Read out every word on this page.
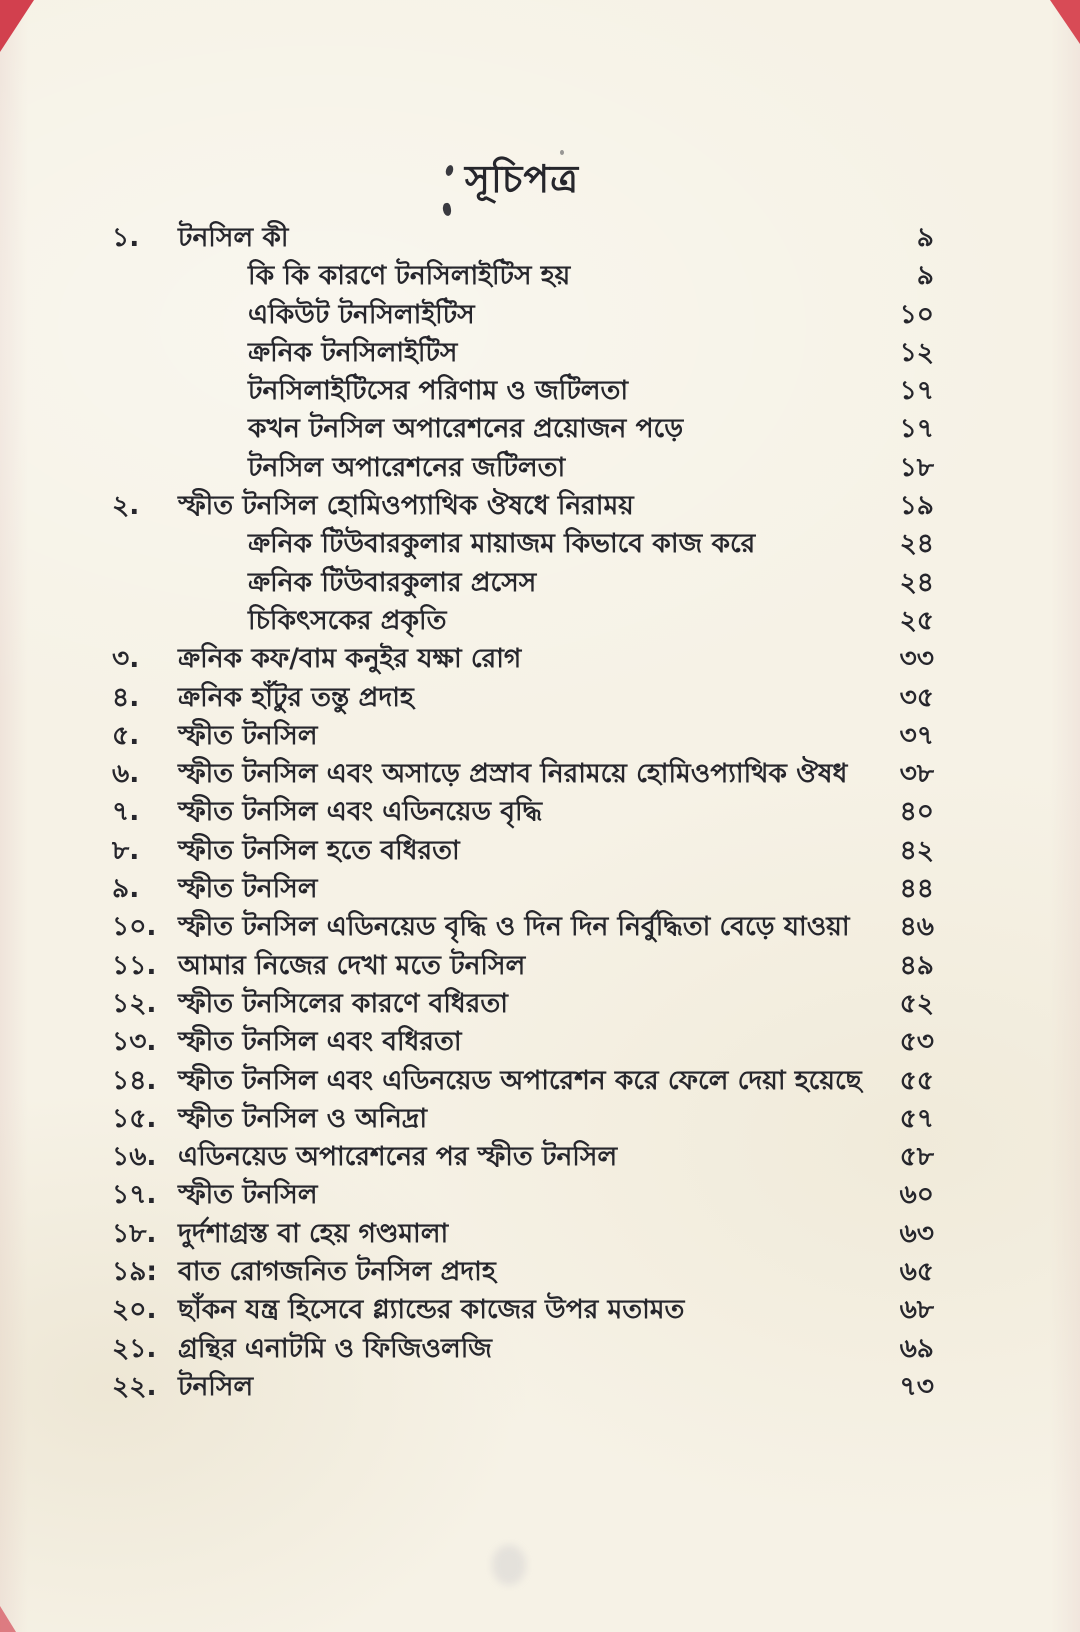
সূচিপত্র
১.	টনসিল কী	৯
কি কি কারণে টনসিলাইটিস হয়	৯
একিউট টনসিলাইটিস	১০
ক্রনিক টনসিলাইটিস	১২
টনসিলাইটিসের পরিণাম ও জটিলতা	১৭
কখন টনসিল অপারেশনের প্রয়োজন পড়ে	১৭
টনসিল অপারেশনের জটিলতা	১৮
২.	স্ফীত টনসিল হোমিওপ্যাথিক ঔষধে নিরাময়	১৯
ক্রনিক টিউবারকুলার মায়াজম কিভাবে কাজ করে	২৪
ক্রনিক টিউবারকুলার প্রসেস	২৪
চিকিৎসকের প্রকৃতি	২৫
৩.	ক্রনিক কফ/বাম কনুইর যক্ষা রোগ	৩৩
৪.	ক্রনিক হাঁটুর তন্তু প্রদাহ	৩৫
৫.	স্ফীত টনসিল	৩৭
৬.	স্ফীত টনসিল এবং অসাড়ে প্রস্রাব নিরাময়ে হোমিওপ্যাথিক ঔষধ	৩৮
৭.	স্ফীত টনসিল এবং এডিনয়েড বৃদ্ধি	৪০
৮.	স্ফীত টনসিল হতে বধিরতা	৪২
৯.	স্ফীত টনসিল	৪৪
১০. স্ফীত টনসিল এডিনয়েড বৃদ্ধি ও দিন দিন নির্বুদ্ধিতা বেড়ে যাওয়া	৪৬
১১. আমার নিজের দেখা মতে টনসিল	৪৯
১২. স্ফীত টনসিলের কারণে বধিরতা	৫২
১৩. স্ফীত টনসিল এবং বধিরতা	৫৩
১৪. স্ফীত টনসিল এবং এডিনয়েড অপারেশন করে ফেলে দেয়া হয়েছে	৫৫
১৫. স্ফীত টনসিল ও অনিদ্রা	৫৭
১৬. এডিনয়েড অপারেশনের পর স্ফীত টনসিল	৫৮
১৭. স্ফীত টনসিল	৬০
১৮. দুর্দশাগ্রস্ত বা হেয় গণ্ডমালা	৬৩
১৯: বাত রোগজনিত টনসিল প্রদাহ	৬৫
২০. ছাঁকন যন্ত্র হিসেবে গ্ল্যান্ডের কাজের উপর মতামত	৬৮
২১. গ্রন্থির এনাটমি ও ফিজিওলজি	৬৯
২২. টনসিল	৭৩
